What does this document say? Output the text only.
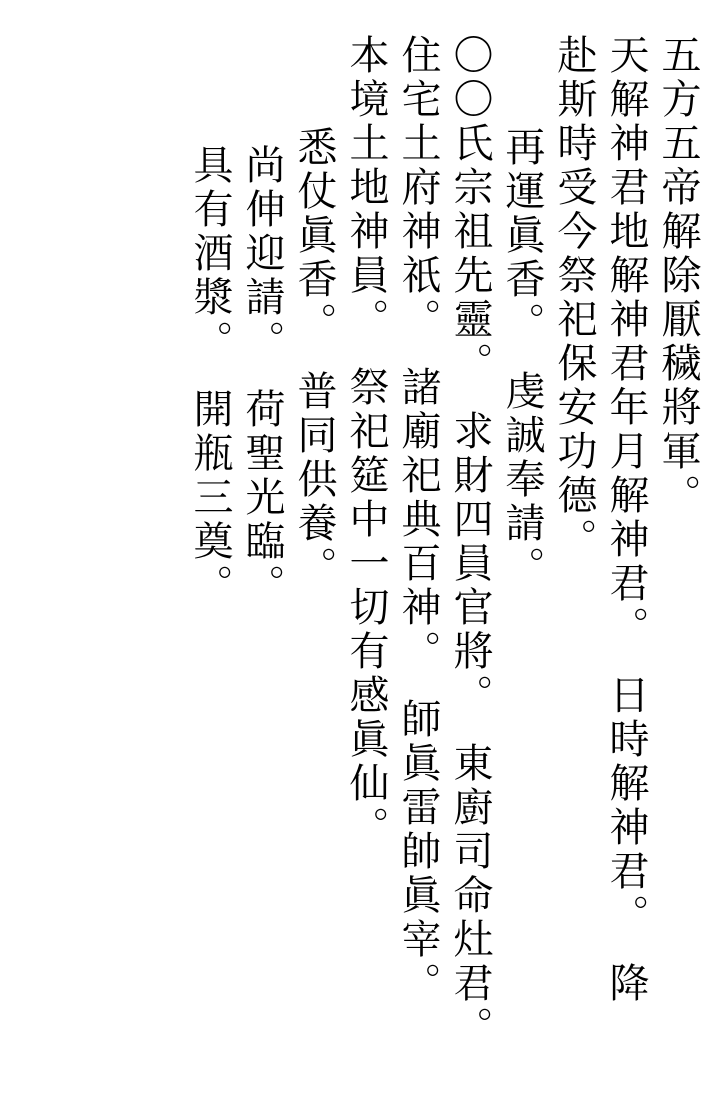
五方五帝解除厭穢將軍。
天解神君地解神君年月解神君。　日時解神君。　降
赴斯時受今祭祀保安功德。
再運眞香。　虔誠奉請。
〇〇氏宗祖先靈。　求財四員官將。　東廚司命灶君。
住宅土府神祇。　諸廟祀典百神。　師眞雷帥眞宰。
本境土地神員。　祭祀筵中一切有感眞仙。
悉仗眞香。　普同供養。
尚伸迎請。　荷聖光臨。
具有酒漿。　開瓶三奠。
